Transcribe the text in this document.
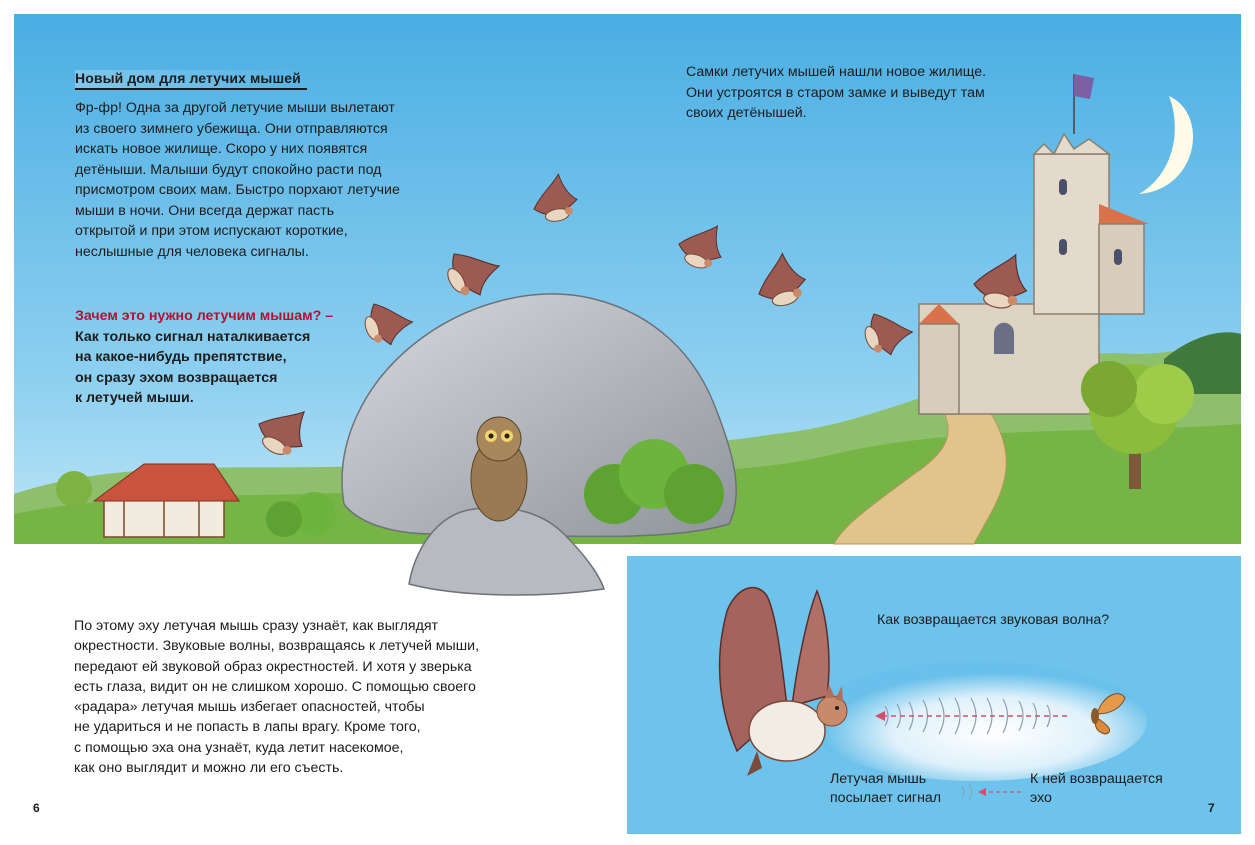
Новый дом для летучих мышей
Фр-фр! Одна за другой летучие мыши вылетают
из своего зимнего убежища. Они отправляются
искать новое жилище. Скоро у них появятся
детёныши. Малыши будут спокойно расти под
присмотром своих мам. Быстро порхают летучие
мыши в ночи. Они всегда держат пасть
открытой и при этом испускают короткие,
неслышные для человека сигналы.
Зачем это нужно летучим мышам? –
Как только сигнал наталкивается
на какое-нибудь препятствие,
он сразу эхом возвращается
к летучей мыши.
Самки летучих мышей нашли новое жилище.
Они устроятся в старом замке и выведут там
своих детёнышей.
По этому эху летучая мышь сразу узнаёт, как выглядят
окрестности. Звуковые волны, возвращаясь к летучей мыши,
передают ей звуковой образ окрестностей. И хотя у зверька
есть глаза, видит он не слишком хорошо. С помощью своего
«радара» летучая мышь избегает опасностей, чтобы
не удариться и не попасть в лапы врагу. Кроме того,
с помощью эха она узнаёт, куда летит насекомое,
как оно выглядит и можно ли его съесть.
Как возвращается звуковая волна?
Летучая мышь
посылает сигнал
К ней возвращается
эхо
6	7
